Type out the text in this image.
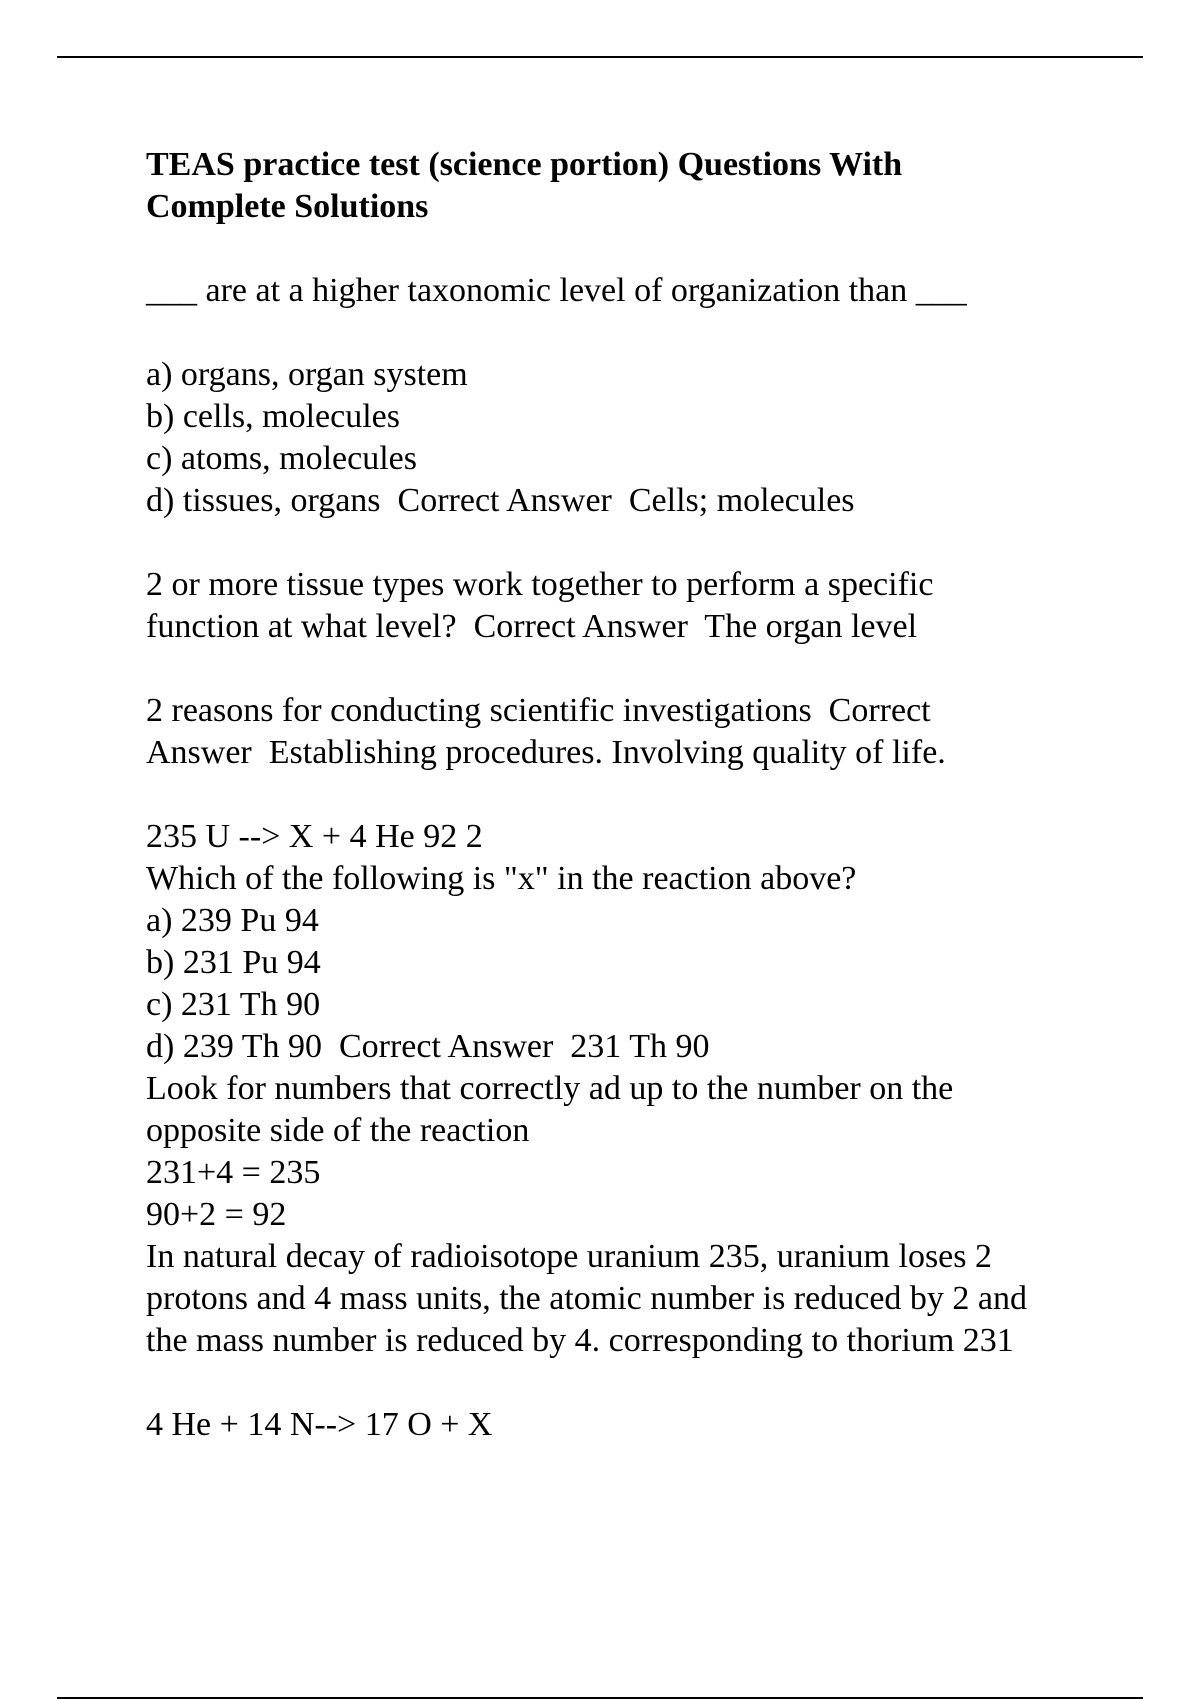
TEAS practice test (science portion) Questions With
Complete Solutions
___ are at a higher taxonomic level of organization than ___
a) organs, organ system
b) cells, molecules
c) atoms, molecules
d) tissues, organs  Correct Answer  Cells; molecules
2 or more tissue types work together to perform a specific
function at what level?  Correct Answer  The organ level
2 reasons for conducting scientific investigations  Correct
Answer  Establishing procedures. Involving quality of life.
235 U --> X + 4 He 92 2
Which of the following is "x" in the reaction above?
a) 239 Pu 94
b) 231 Pu 94
c) 231 Th 90
d) 239 Th 90  Correct Answer  231 Th 90
Look for numbers that correctly ad up to the number on the
opposite side of the reaction
231+4 = 235
90+2 = 92
In natural decay of radioisotope uranium 235, uranium loses 2
protons and 4 mass units, the atomic number is reduced by 2 and
the mass number is reduced by 4. corresponding to thorium 231
4 He + 14 N--> 17 O + X
